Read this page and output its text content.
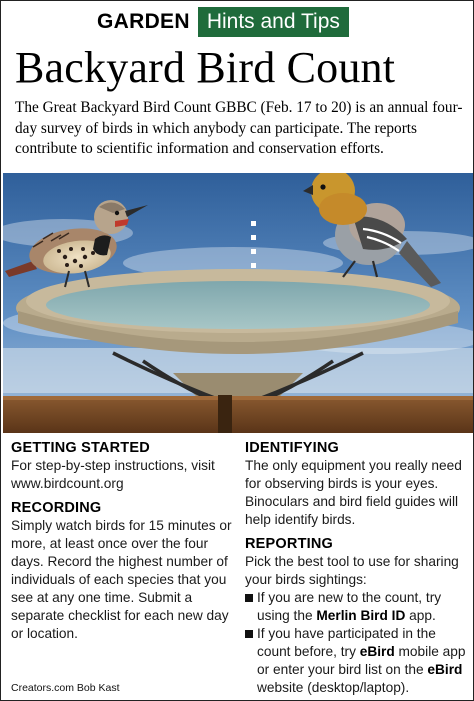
GARDEN Hints and Tips
Backyard Bird Count
The Great Backyard Bird Count GBBC (Feb. 17 to 20) is an annual four-day survey of birds in which anybody can participate. The reports contribute to scientific information and conservation efforts.
GETTING STARTED
For step-by-step instructions, visit www.birdcount.org
RECORDING
Simply watch birds for 15 minutes or more, at least once over the four days. Record the highest number of individuals of each species that you see at any one time. Submit a separate checklist for each new day or location.
IDENTIFYING
The only equipment you really need for observing birds is your eyes. Binoculars and bird field guides will help identify birds.
REPORTING
Pick the best tool to use for sharing your birds sightings:
If you are new to the count, try using the Merlin Bird ID app.
If you have participated in the count before, try eBird mobile app or enter your bird list on the eBird website (desktop/laptop).
Creators.com Bob Kast
